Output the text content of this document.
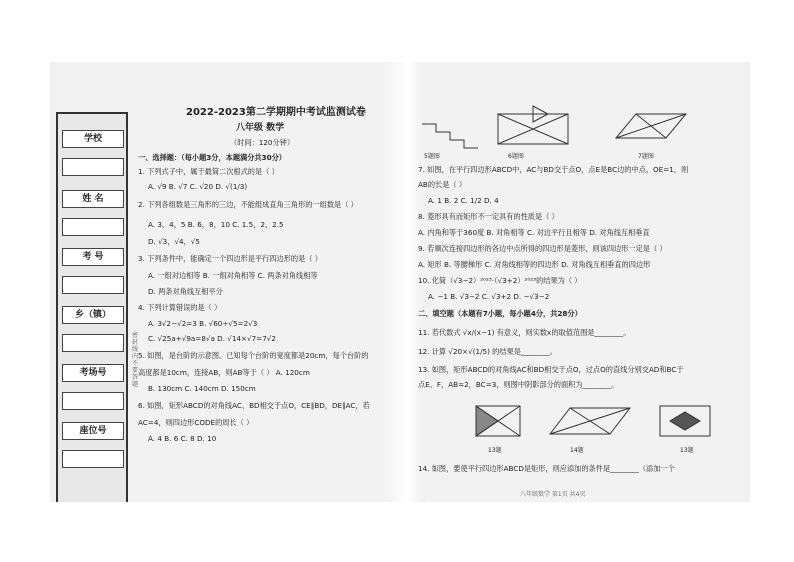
学校
姓 名
考 号
乡（镇）
考场号
座位号
密封线内不要答题
2022-2023第二学期期中考试监测试卷
八年级 数学
（时间：120分钟）
一、选择题：（每小题3分，本题满分共30分）
1. 下列式子中，属于最简二次根式的是（ ）
A. √9 B. √7 C. √20 D. √(1/3)
2. 下列各组数是三角形的三边，不能组成直角三角形的一组数是（ ）
A. 3，4，5 B. 6，8，10 C. 1.5，2，2.5
D. √3，√4，√5
3. 下列条件中，能确定一个四边形是平行四边形的是（ ）
A. 一组对边相等 B. 一组对角相等 C. 两条对角线相等
D. 两条对角线互相平分
4. 下列计算错误的是（ ）
A. 3√2−√2=3 B. √60÷√5=2√3
C. √25a+√9a=8√a D. √14×√7=7√2
5. 如图，是台阶的示意图。已知每个台阶的宽度都是20cm，每个台阶的
高度都是10cm，连接AB，则AB等于（ ） A. 120cm
B. 130cm C. 140cm D. 150cm
6. 如图，矩形ABCD的对角线AC、BD相交于点O，CE∥BD，DE∥AC，若
AC=4，则四边形CODE的周长（ ）
A. 4 B. 6 C. 8 D. 10
5题图	6题图	7题图
7. 如图，在平行四边形ABCD中，AC与BD交于点O，点E是BC边的中点，OE=1，则
AB的长是（ ）
A. 1 B. 2 C. 1/2 D. 4
8. 菱形具有而矩形不一定具有的性质是（ ）
A. 内角和等于360度 B. 对角相等 C. 对边平行且相等 D. 对角线互相垂直
9. 若顺次连接四边形的各边中点所得的四边形是菱形，则该四边形一定是（ ）
A. 矩形 B. 等腰梯形 C. 对角线相等的四边形 D. 对角线互相垂直的四边形
10. 化简（√3−2）²⁰²³·（√3+2）²⁰²³的结果为（ ）
A. −1 B. √3−2 C. √3+2 D. −√3−2
二、填空题（本题有7小题，每小题4分，共28分）
11. 若代数式 √x/(x−1) 有意义，则实数x的取值范围是________。
12. 计算 √20×√(1/5) 的结果是________。
13. 如图，矩形ABCD的对角线AC和BD相交于点O，过点O的直线分别交AD和BC于
点E、F，AB=2，BC=3，则图中阴影部分的面积为________。
13题	14题	13题
14. 如图，要使平行四边形ABCD是矩形，则应添加的条件是________（添加一个
八年级数学 第1页 共4页
